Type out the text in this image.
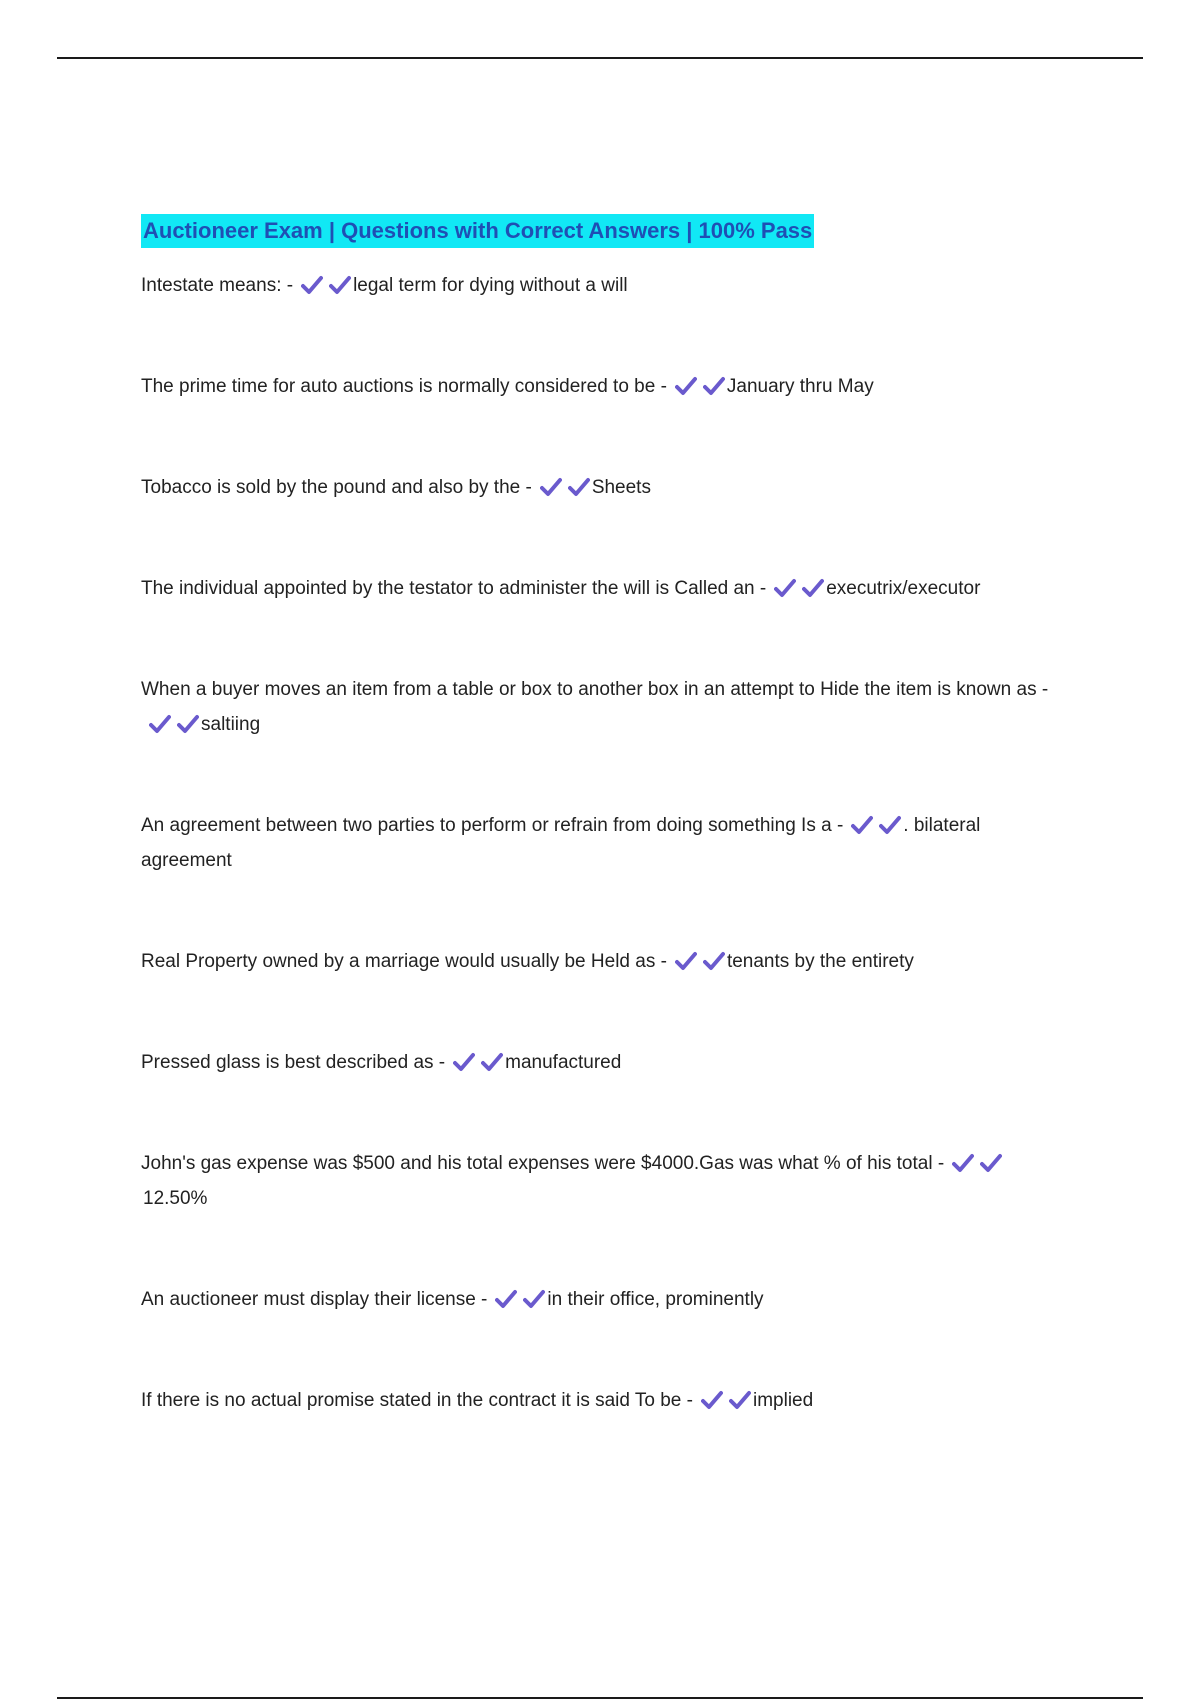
Auctioneer Exam | Questions with Correct Answers | 100% Pass
Intestate means: -	legal term for dying without a will
The prime time for auto auctions is normally considered to be -	January thru May
Tobacco is sold by the pound and also by the -	Sheets
The individual appointed by the testator to administer the will is Called an -	executrix/executor
When a buyer moves an item from a table or box to another box in an attempt to Hide the item is known as -
saltiing
An agreement between two parties to perform or refrain from doing something Is a -	. bilateral agreement
Real Property owned by a marriage would usually be Held as -	tenants by the entirety
Pressed glass is best described as -	manufactured
John's gas expense was $500 and his total expenses were $4000.Gas was what % of his total -
12.50%
An auctioneer must display their license -	in their office, prominently
If there is no actual promise stated in the contract it is said To be -	implied
